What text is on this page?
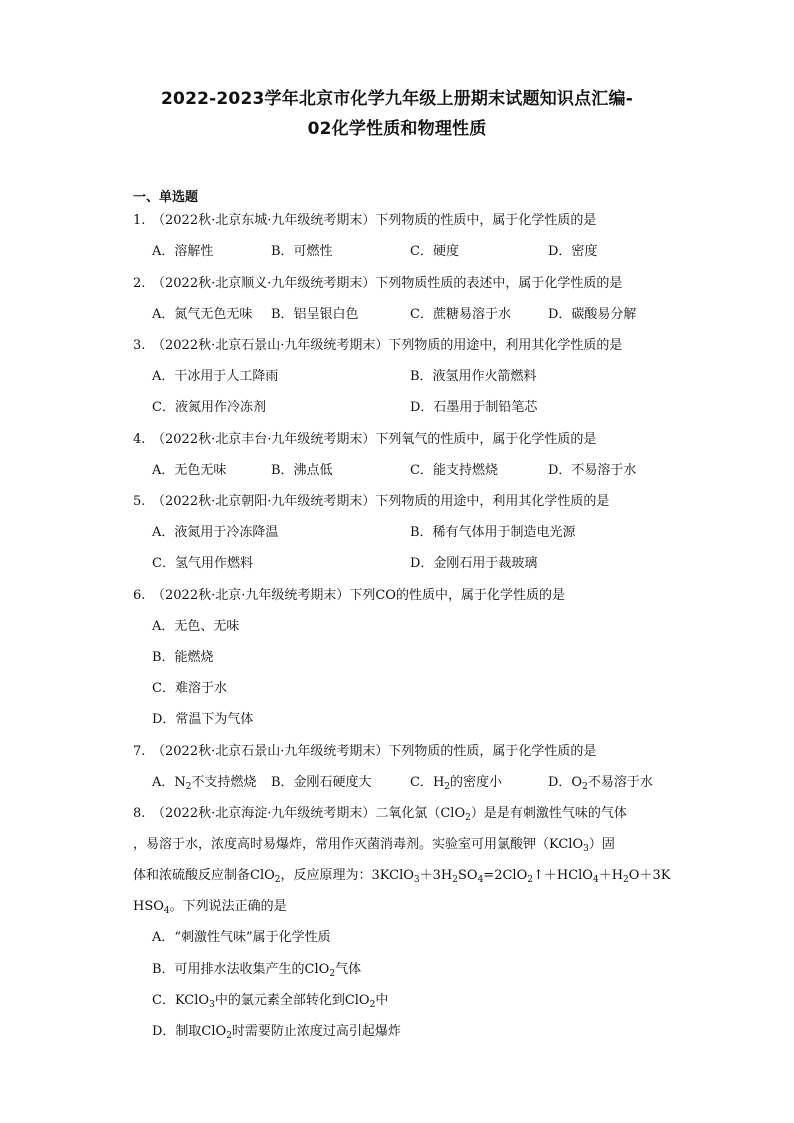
2022-2023学年北京市化学九年级上册期末试题知识点汇编-
02化学性质和物理性质
一、单选题
1. （2022秋·北京东城·九年级统考期末）下列物质的性质中，属于化学性质的是
A．溶解性	B．可燃性	C．硬度	D．密度
2. （2022秋·北京顺义·九年级统考期末）下列物质性质的表述中，属于化学性质的是
A．氮气无色无味 B．铝呈银白色	C．蔗糖易溶于水	D．碳酸易分解
3. （2022秋·北京石景山·九年级统考期末）下列物质的用途中，利用其化学性质的是
A．干冰用于人工降雨	B．液氢用作火箭燃料
C．液氮用作冷冻剂	D．石墨用于制铅笔芯
4. （2022秋·北京丰台·九年级统考期末）下列氧气的性质中，属于化学性质的是
A．无色无味	B．沸点低	C．能支持燃烧	D．不易溶于水
5. （2022秋·北京朝阳·九年级统考期末）下列物质的用途中，利用其化学性质的是
A．液氮用于冷冻降温	B．稀有气体用于制造电光源
C．氢气用作燃料	D．金刚石用于裁玻璃
6. （2022秋·北京·九年级统考期末）下列CO的性质中，属于化学性质的是
A．无色、无味
B．能燃烧
C．难溶于水
D．常温下为气体
7. （2022秋·北京石景山·九年级统考期末）下列物质的性质，属于化学性质的是
A．$N_2$不支持燃烧 B．金刚石硬度大	C．$H_2$的密度小	D．$O_2$不易溶于水
8. （2022秋·北京海淀·九年级统考期末）二氧化氯（ClO$_2$）是是有刺激性气味的气体
，易溶于水，浓度高时易爆炸，常用作灭菌消毒剂。实验室可用氯酸钾（KClO$_3$）固
体和浓硫酸反应制备ClO$_2$，反应原理为：$3KClO_3+3H_2SO_4=2ClO_2↑+HClO_4+H_2O+3K$
$HSO_4$。下列说法正确的是
A．“刺激性气味”属于化学性质
B．可用排水法收集产生的ClO$_2$气体
C．KClO$_3$中的氯元素全部转化到ClO$_2$中
D．制取ClO$_2$时需要防止浓度过高引起爆炸
